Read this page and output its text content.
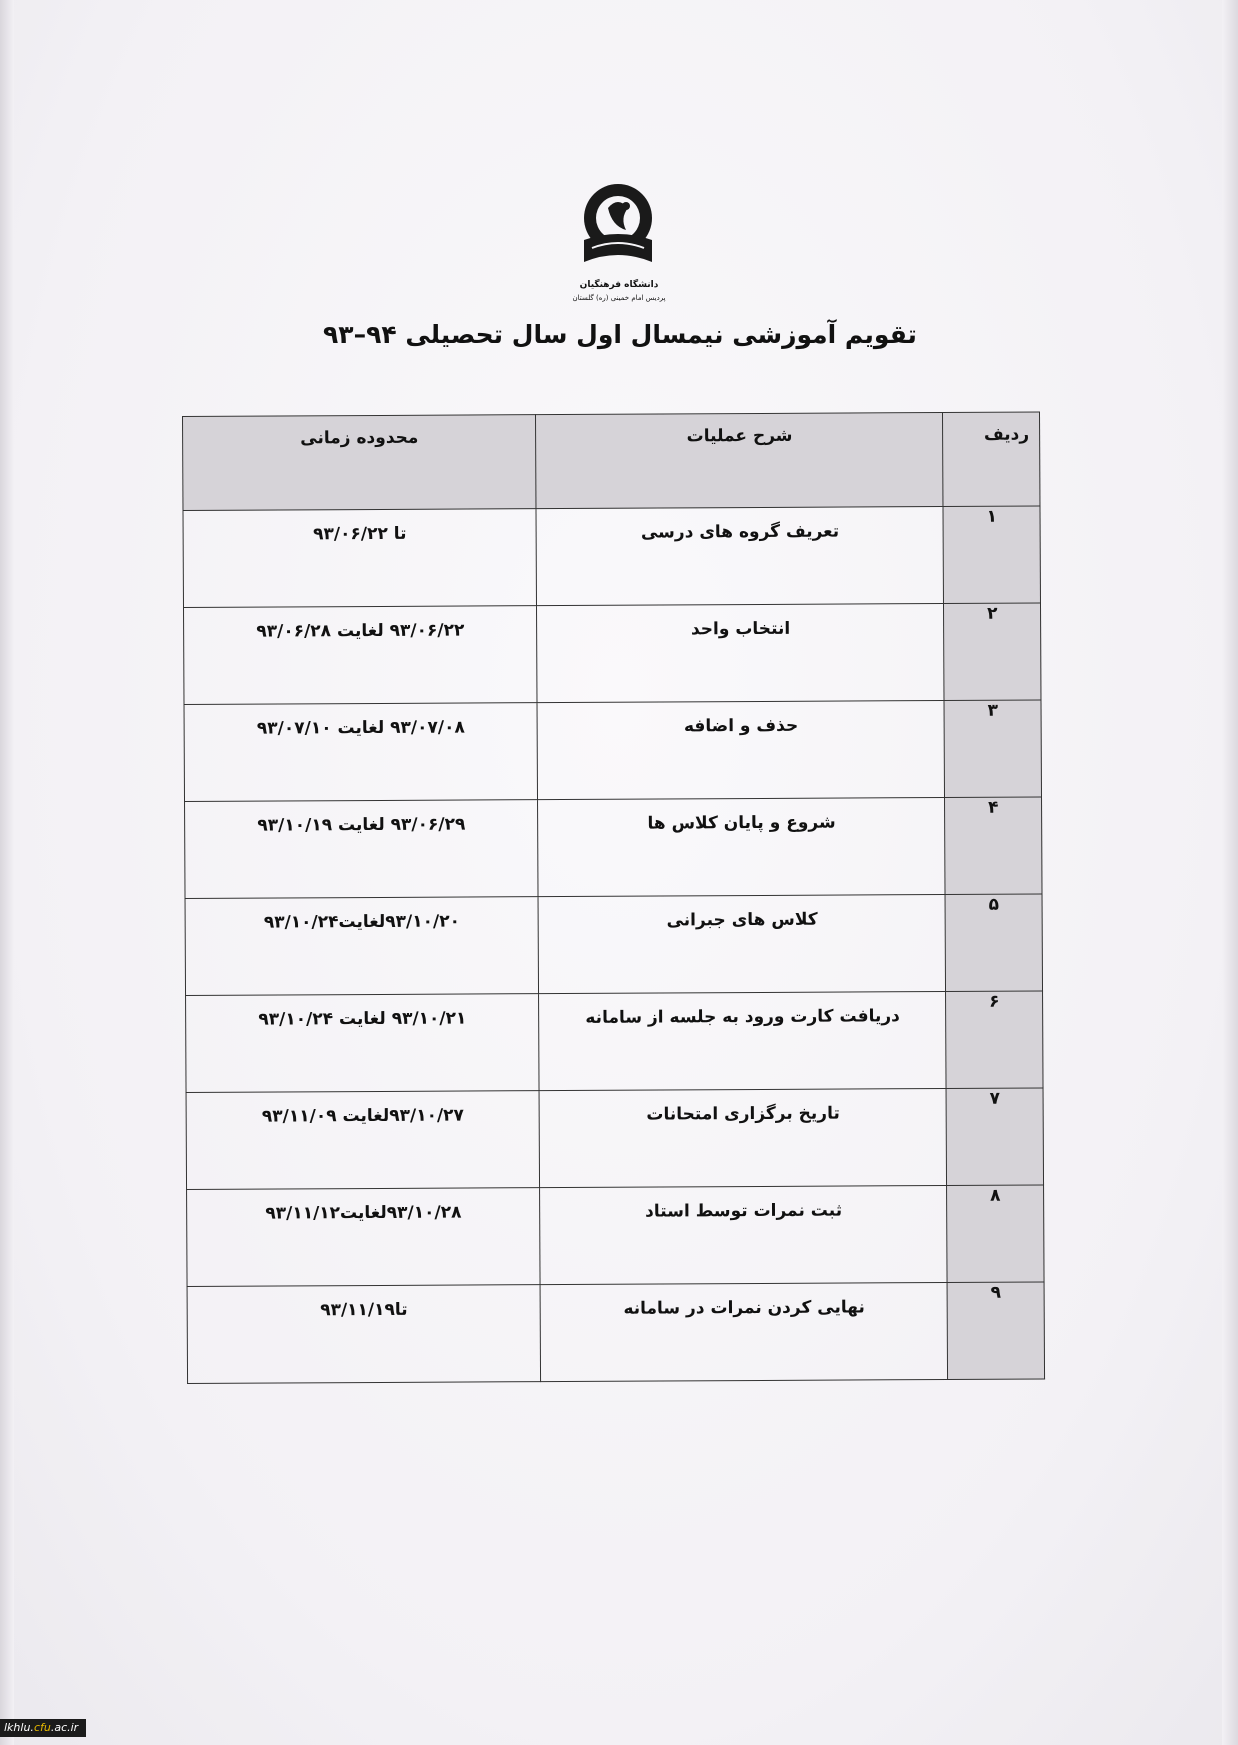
دانشگاه فرهنگیان
پردیس امام خمینی (ره) گلستان
تقویم آموزشی نیمسال اول سال تحصیلی ۹۴–۹۳
ردیف	شرح عملیات	محدوده زمانی
۱	تعریف گروه های درسی	تا ۹۳/۰۶/۲۲
۲	انتخاب واحد	۹۳/۰۶/۲۲ لغایت ۹۳/۰۶/۲۸
۳	حذف و اضافه	۹۳/۰۷/۰۸ لغایت ۹۳/۰۷/۱۰
۴	شروع و پایان کلاس ها	۹۳/۰۶/۲۹ لغایت ۹۳/۱۰/۱۹
۵	کلاس های جبرانی	۹۳/۱۰/۲۰لغایت۹۳/۱۰/۲۴
۶	دریافت کارت ورود به جلسه از سامانه	۹۳/۱۰/۲۱ لغایت ۹۳/۱۰/۲۴
۷	تاریخ برگزاری امتحانات	۹۳/۱۰/۲۷لغایت ۹۳/۱۱/۰۹
۸	ثبت نمرات توسط استاد	۹۳/۱۰/۲۸لغایت۹۳/۱۱/۱۲
۹	نهایی کردن نمرات در سامانه	تا۹۳/۱۱/۱۹
lkhlu.cfu.ac.ir
